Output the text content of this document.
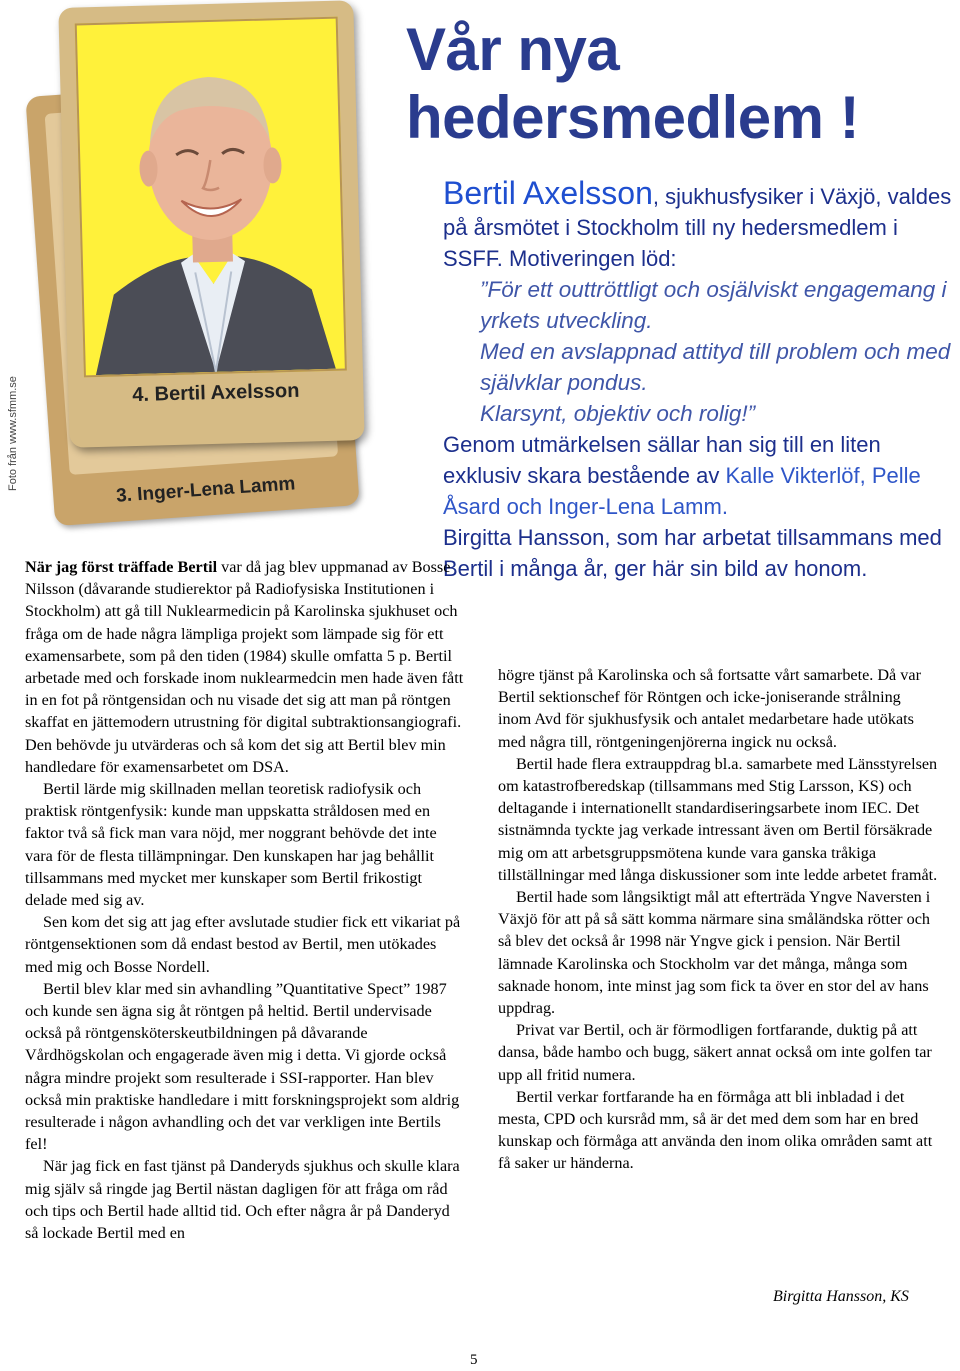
Foto från www.sfmm.se	3. Inger-Lena Lamm
4. Bertil Axelsson
Vår nya
hedersmedlem !
Bertil Axelsson, sjukhusfysiker i Växjö, valdes på årsmötet i Stockholm till ny hedersmedlem i SSFF. Motiveringen löd:
”För ett outtröttligt och osjälviskt engagemang i yrkets utveckling.
Med en avslappnad attityd till problem och med självklar pondus.
Klarsynt, objektiv och rolig!”
Genom utmärkelsen sällar han sig till en liten exklusiv skara bestående av Kalle Vikterlöf, Pelle Åsard och Inger-Lena Lamm.
Birgitta Hansson, som har arbetat tillsammans med Bertil i många år, ger här sin bild av honom.

När jag först träffade Bertil var då jag blev uppmanad av Bosse Nilsson (dåvarande studierektor på Radiofysiska Institutionen i Stockholm) att gå till Nuklearmedicin på Karolinska sjukhuset och fråga om de hade några lämpliga projekt som lämpade sig för ett examensarbete, som på den tiden (1984) skulle omfatta 5 p. Bertil arbetade med och forskade inom nuklearmedcin men hade även fått in en fot på röntgensidan och nu visade det sig att man på röntgen skaffat en jättemodern utrustning för digital subtraktionsangiografi. Den behövde ju utvärderas och så kom det sig att Bertil blev min handledare för examensarbetet om DSA.

Bertil lärde mig skillnaden mellan teoretisk radiofysik och praktisk röntgenfysik: kunde man uppskatta stråldosen med en faktor två så fick man vara nöjd, mer noggrant behövde det inte vara för de flesta tillämpningar. Den kunskapen har jag behållit tillsammans med mycket mer kunskaper som Bertil frikostigt delade med sig av.

Sen kom det sig att jag efter avslutade studier fick ett vikariat på röntgensektionen som då endast bestod av Bertil, men utökades med mig och Bosse Nordell.

Bertil blev klar med sin avhandling ”Quantitative Spect” 1987 och kunde sen ägna sig åt röntgen på heltid. Bertil undervisade också på röntgensköterskeutbildningen på dåvarande Vårdhögskolan och engagerade även mig i detta. Vi gjorde också några mindre projekt som resulterade i SSI-rapporter. Han blev också min praktiske handledare i mitt forskningsprojekt som aldrig resulterade i någon avhandling och det var verkligen inte Bertils fel!

När jag fick en fast tjänst på Danderyds sjukhus och skulle klara mig själv så ringde jag Bertil nästan dagligen för att fråga om råd och tips och Bertil hade alltid tid. Och efter några år på Danderyd så lockade Bertil med en

högre tjänst på Karolinska och så fortsatte vårt samarbete. Då var Bertil sektionschef för Röntgen och icke-joniserande strålning inom Avd för sjukhusfysik och antalet medarbetare hade utökats med några till, röntgeningenjörerna ingick nu också.

Bertil hade flera extrauppdrag bl.a. samarbete med Länsstyrelsen om katastrofberedskap (tillsammans med Stig Larsson, KS) och deltagande i internationellt standardiseringsarbete inom IEC. Det sistnämnda tyckte jag verkade intressant även om Bertil försäkrade mig om att arbetsgruppsmötena kunde vara ganska tråkiga tillställningar med långa diskussioner som inte ledde arbetet framåt.

Bertil hade som långsiktigt mål att efterträda Yngve Naversten i Växjö för att på så sätt komma närmare sina småländska rötter och så blev det också år 1998 när Yngve gick i pension. När Bertil lämnade Karolinska och Stockholm var det många, många som saknade honom, inte minst jag som fick ta över en stor del av hans uppdrag.

Privat var Bertil, och är förmodligen fortfarande, duktig på att dansa, både hambo och bugg, säkert annat också om inte golfen tar upp all fritid numera.

Bertil verkar fortfarande ha en förmåga att bli inbladad i det mesta, CPD och kursråd mm, så är det med dem som har en bred kunskap och förmåga att använda den inom olika områden samt att få saker ur händerna.

Birgitta Hansson, KS
5
